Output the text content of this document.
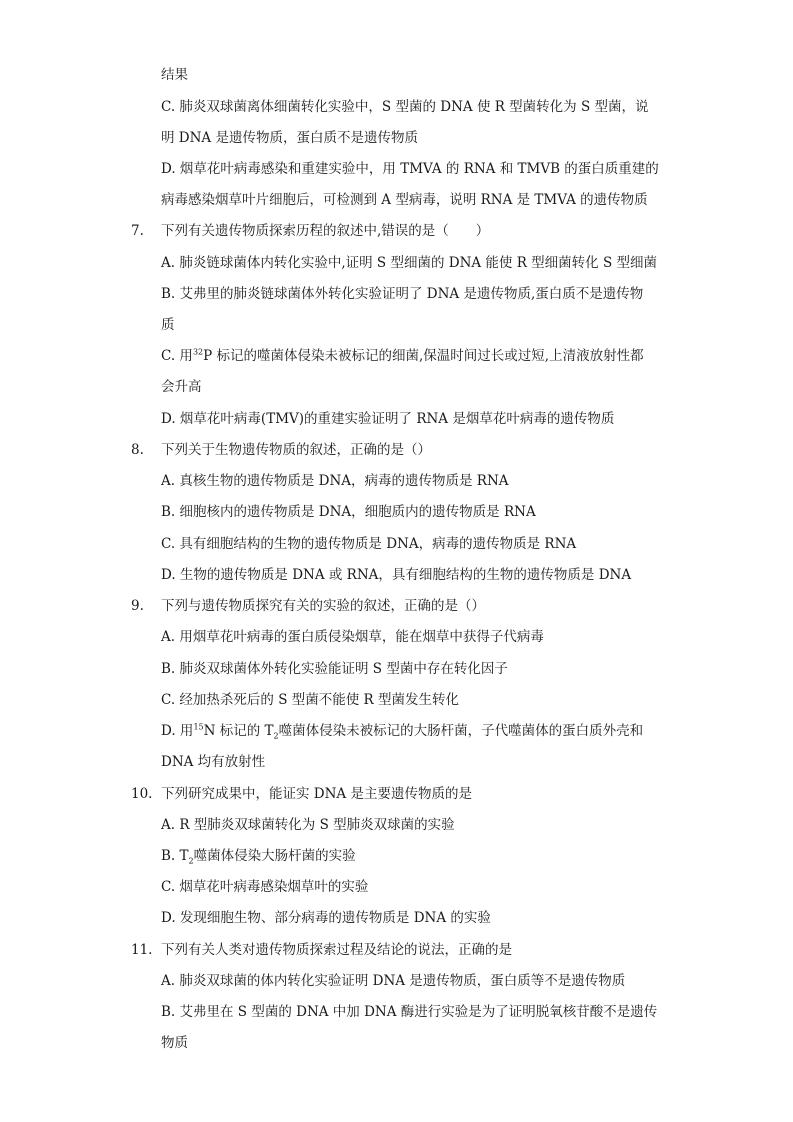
结果
C. 肺炎双球菌离体细菌转化实验中，S 型菌的 DNA 使 R 型菌转化为 S 型菌，说
明 DNA 是遗传物质，蛋白质不是遗传物质
D. 烟草花叶病毒感染和重建实验中，用 TMVA 的 RNA 和 TMVB 的蛋白质重建的
病毒感染烟草叶片细胞后，可检测到 A 型病毒，说明 RNA 是 TMVA 的遗传物质
7. 下列有关遗传物质探索历程的叙述中,错误的是（　　）
A. 肺炎链球菌体内转化实验中,证明 S 型细菌的 DNA 能使 R 型细菌转化 S 型细菌
B. 艾弗里的肺炎链球菌体外转化实验证明了 DNA 是遗传物质,蛋白质不是遗传物
质
C. 用$^{32}$P 标记的噬菌体侵染未被标记的细菌,保温时间过长或过短,上清液放射性都
会升高
D. 烟草花叶病毒(TMV)的重建实验证明了 RNA 是烟草花叶病毒的遗传物质
8. 下列关于生物遗传物质的叙述，正确的是（）
A. 真核生物的遗传物质是 DNA，病毒的遗传物质是 RNA
B. 细胞核内的遗传物质是 DNA，细胞质内的遗传物质是 RNA
C. 具有细胞结构的生物的遗传物质是 DNA，病毒的遗传物质是 RNA
D. 生物的遗传物质是 DNA 或 RNA，具有细胞结构的生物的遗传物质是 DNA
9. 下列与遗传物质探究有关的实验的叙述，正确的是（）
A. 用烟草花叶病毒的蛋白质侵染烟草，能在烟草中获得子代病毒
B. 肺炎双球菌体外转化实验能证明 S 型菌中存在转化因子
C. 经加热杀死后的 S 型菌不能使 R 型菌发生转化
D. 用$^{15}$N 标记的 $T_2$噬菌体侵染未被标记的大肠杆菌，子代噬菌体的蛋白质外壳和
DNA 均有放射性
10. 下列研究成果中，能证实 DNA 是主要遗传物质的是
A. R 型肺炎双球菌转化为 S 型肺炎双球菌的实验
B. $T_2$噬菌体侵染大肠杆菌的实验
C. 烟草花叶病毒感染烟草叶的实验
D. 发现细胞生物、部分病毒的遗传物质是 DNA 的实验
11. 下列有关人类对遗传物质探索过程及结论的说法，正确的是
A. 肺炎双球菌的体内转化实验证明 DNA 是遗传物质，蛋白质等不是遗传物质
B. 艾弗里在 S 型菌的 DNA 中加 DNA 酶进行实验是为了证明脱氧核苷酸不是遗传
物质
